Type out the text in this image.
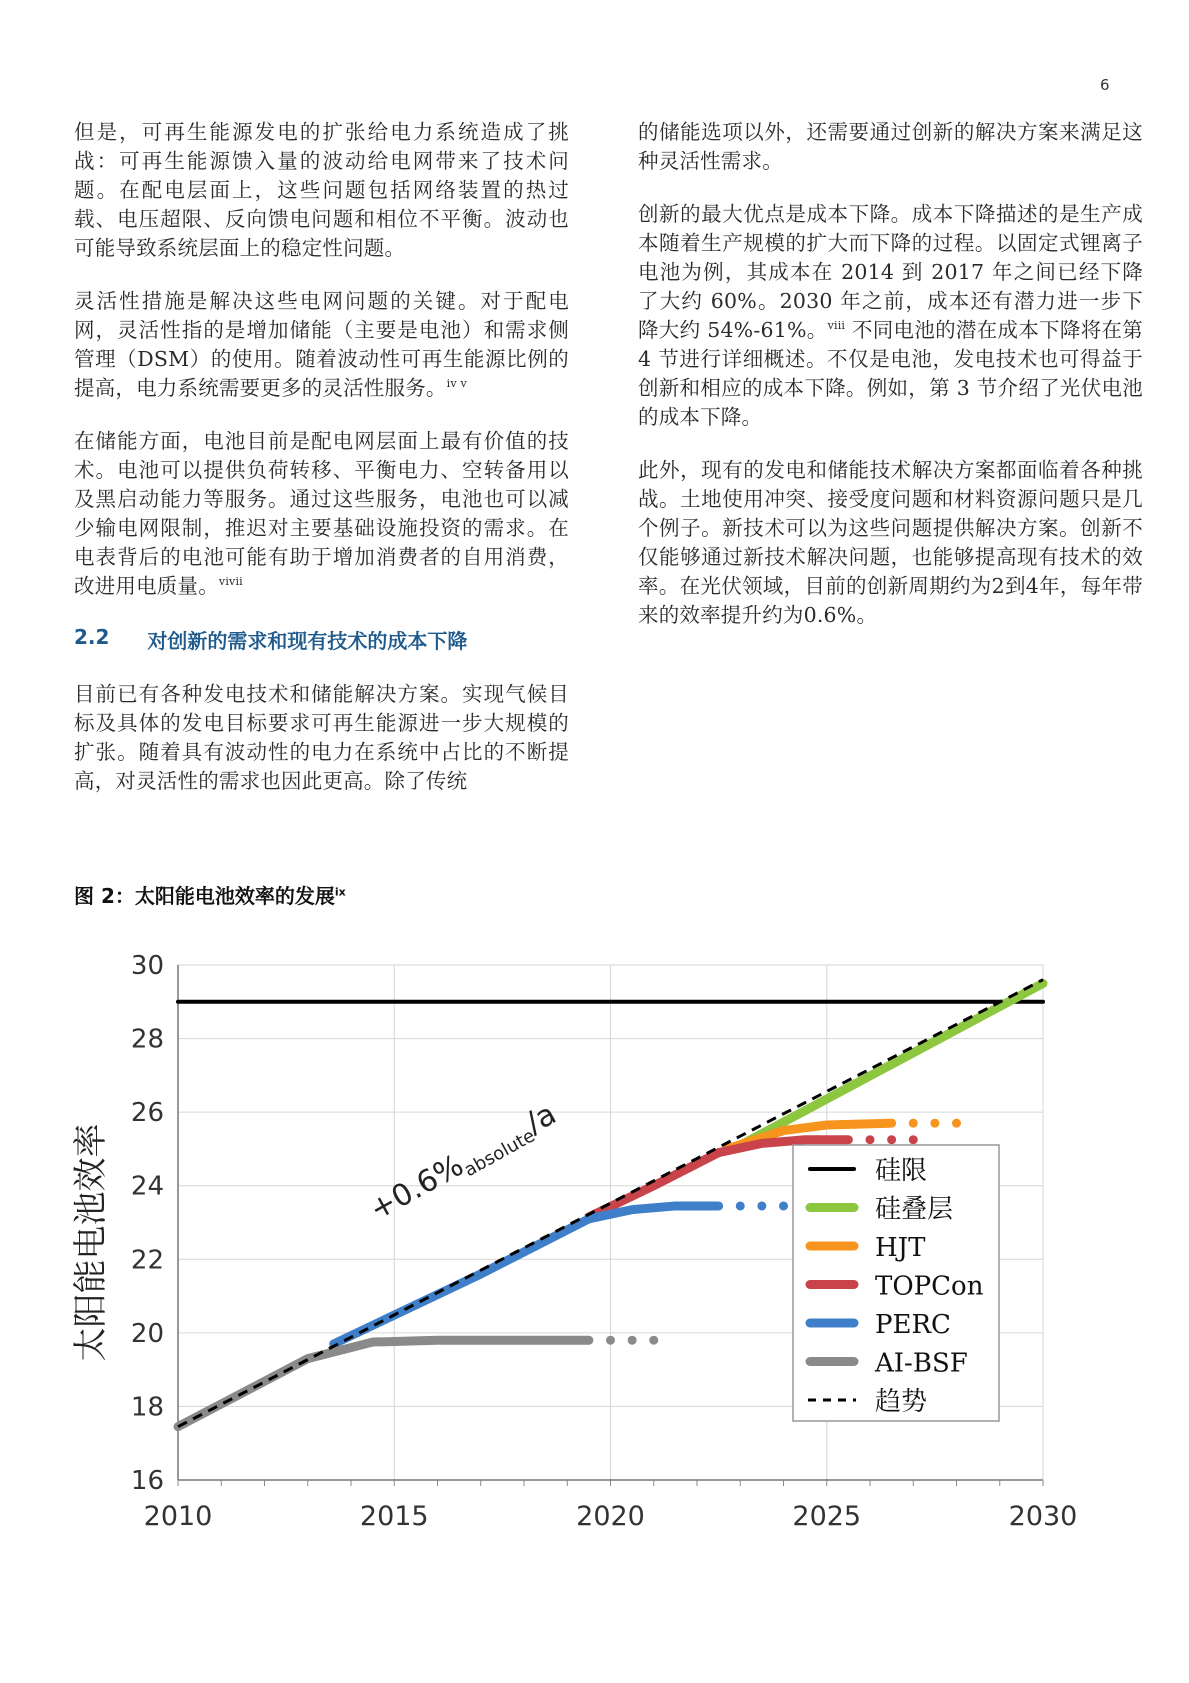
6

但是，可再生能源发电的扩张给电力系统造成了挑战：可再生能源馈入量的波动给电网带来了技术问题。在配电层面上，这些问题包括网络装置的热过载、电压超限、反向馈电问题和相位不平衡。波动也可能导致系统层面上的稳定性问题。

灵活性措施是解决这些电网问题的关键。对于配电网，灵活性指的是增加储能（主要是电池）和需求侧管理（DSM）的使用。随着波动性可再生能源比例的提高，电力系统需要更多的灵活性服务。$^{iv v}$

在储能方面，电池目前是配电网层面上最有价值的技术。电池可以提供负荷转移、平衡电力、空转备用以及黑启动能力等服务。通过这些服务，电池也可以减少输电网限制，推迟对主要基础设施投资的需求。在电表背后的电池可能有助于增加消费者的自用消费，改进用电质量。$^{vivii}$

2.2 对创新的需求和现有技术的成本下降

目前已有各种发电技术和储能解决方案。实现气候目标及具体的发电目标要求可再生能源进一步大规模的扩张。随着具有波动性的电力在系统中占比的不断提高，对灵活性的需求也因此更高。除了传统

的储能选项以外，还需要通过创新的解决方案来满足这种灵活性需求。

创新的最大优点是成本下降。成本下降描述的是生产成本随着生产规模的扩大而下降的过程。以固定式锂离子电池为例，其成本在 2014 到 2017 年之间已经下降了大约 60%。2030 年之前，成本还有潜力进一步下降大约 54%-61%。$^{viii}$ 不同电池的潜在成本下降将在第 4 节进行详细概述。不仅是电池，发电技术也可得益于创新和相应的成本下降。例如，第 3 节介绍了光伏电池的成本下降。

此外，现有的发电和储能技术解决方案都面临着各种挑战。土地使用冲突、接受度问题和材料资源问题只是几个例子。新技术可以为这些问题提供解决方案。创新不仅能够通过新技术解决问题，也能够提高现有技术的效率。在光伏领域，目前的创新周期约为2到4年，每年带来的效率提升约为0.6%。

图 2：太阳能电池效率的发展$^{ix}$
2010	2015	2020	2025	2030
16
18
20
22
24
26
28
30
太阳能电池效率	$+0.6\%_{absolute}/a$
硅限
硅叠层
HJT
TOPCon
PERC
AI-BSF
趋势
